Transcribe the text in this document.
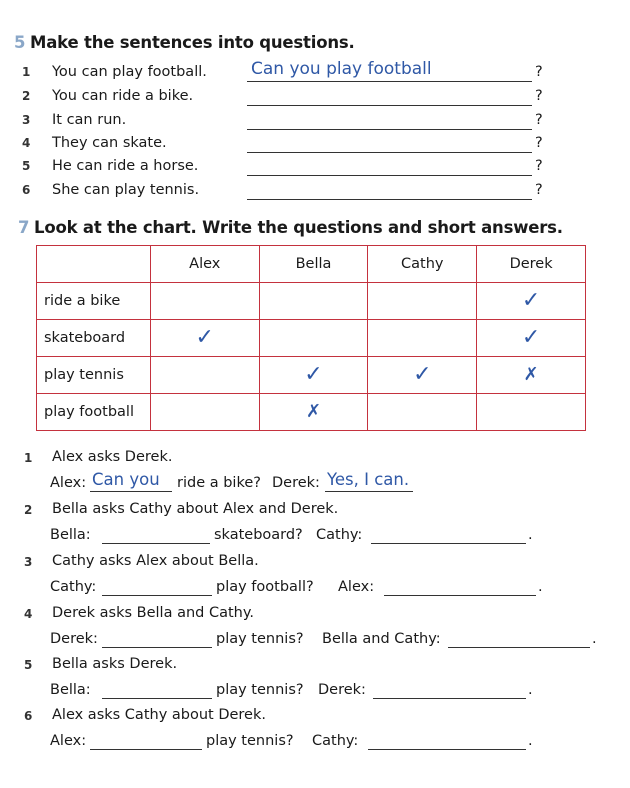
5 Make the sentences into questions.
1	You can play football.	Can you play football	?
2	You can ride a bike.	?
3	It can run.	?
4	They can skate.	?
5	He can ride a horse.	?
6	She can play tennis.	?
7 Look at the chart. Write the questions and short answers.
	Alex	Bella	Cathy	Derek
ride a bike				✓
skateboard	✓			✓
play tennis		✓	✓	✗
play football		✗		
1 Alex asks Derek.
Alex: Can you ride a bike? Derek: Yes, I can.
2 Bella asks Cathy about Alex and Derek.
Bella:	skateboard? Cathy:	.
3 Cathy asks Alex about Bella.
Cathy:	play football? Alex:	.
4 Derek asks Bella and Cathy.
Derek:	play tennis? Bella and Cathy:	.
5 Bella asks Derek.
Bella:	play tennis? Derek:	.
6 Alex asks Cathy about Derek.
Alex:	play tennis? Cathy:	.
